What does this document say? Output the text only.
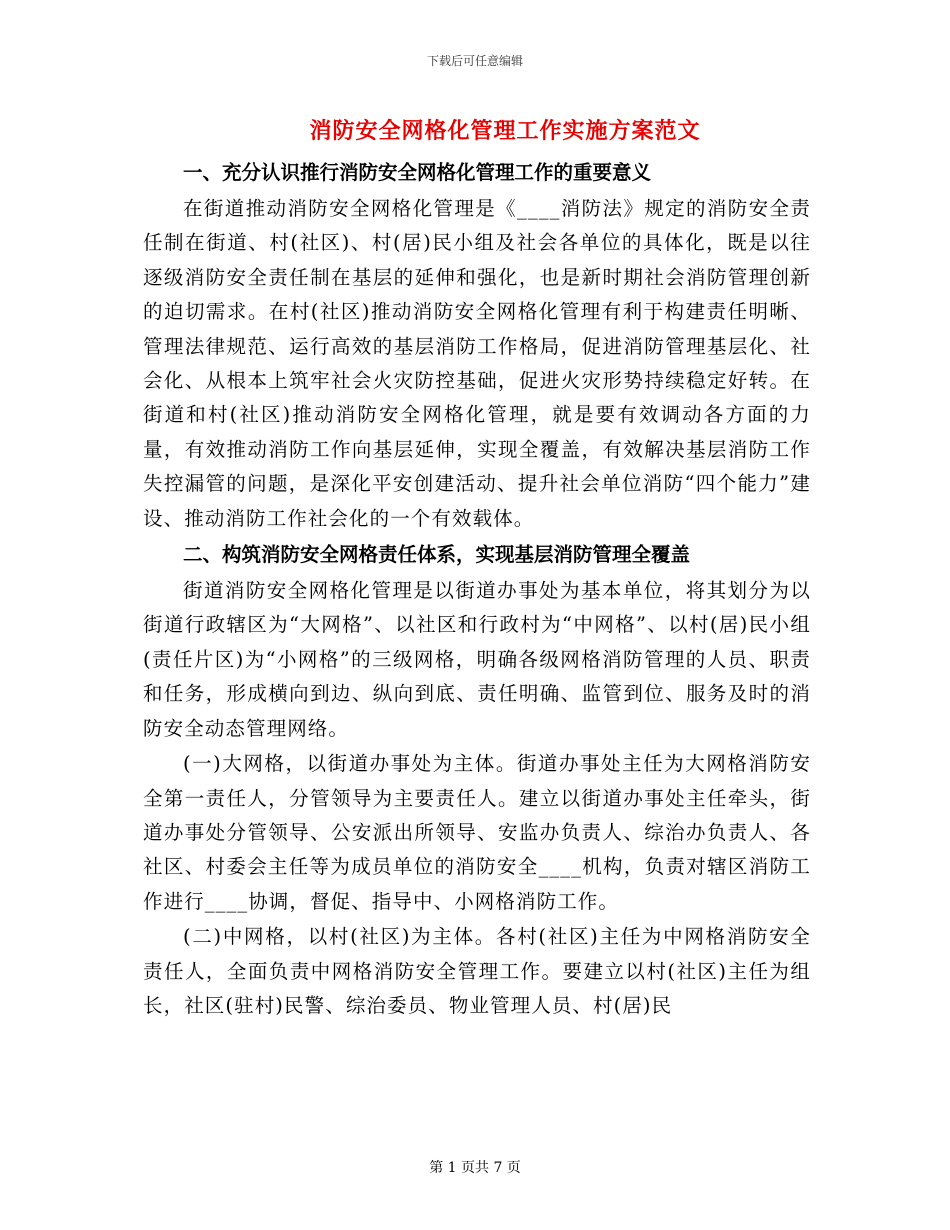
下载后可任意编辑
消防安全网格化管理工作实施方案范文
一、充分认识推行消防安全网格化管理工作的重要意义

在街道推动消防安全网格化管理是《____消防法》规定的消防安全责任制在街道、村(社区)、村(居)民小组及社会各单位的具体化，既是以往逐级消防安全责任制在基层的延伸和强化，也是新时期社会消防管理创新的迫切需求。在村(社区)推动消防安全网格化管理有利于构建责任明晰、管理法律规范、运行高效的基层消防工作格局，促进消防管理基层化、社会化、从根本上筑牢社会火灾防控基础，促进火灾形势持续稳定好转。在街道和村(社区)推动消防安全网格化管理，就是要有效调动各方面的力量，有效推动消防工作向基层延伸，实现全覆盖，有效解决基层消防工作失控漏管的问题，是深化平安创建活动、提升社会单位消防“四个能力”建设、推动消防工作社会化的一个有效载体。

二、构筑消防安全网格责任体系，实现基层消防管理全覆盖

街道消防安全网格化管理是以街道办事处为基本单位，将其划分为以街道行政辖区为“大网格”、以社区和行政村为“中网格”、以村(居)民小组(责任片区)为“小网格”的三级网格，明确各级网格消防管理的人员、职责和任务，形成横向到边、纵向到底、责任明确、监管到位、服务及时的消防安全动态管理网络。

(一)大网格，以街道办事处为主体。街道办事处主任为大网格消防安全第一责任人，分管领导为主要责任人。建立以街道办事处主任牵头，街道办事处分管领导、公安派出所领导、安监办负责人、综治办负责人、各社区、村委会主任等为成员单位的消防安全____机构，负责对辖区消防工作进行____协调，督促、指导中、小网格消防工作。

(二)中网格，以村(社区)为主体。各村(社区)主任为中网格消防安全责任人，全面负责中网格消防安全管理工作。要建立以村(社区)主任为组长，社区(驻村)民警、综治委员、物业管理人员、村(居)民

第 1 页共 7 页
